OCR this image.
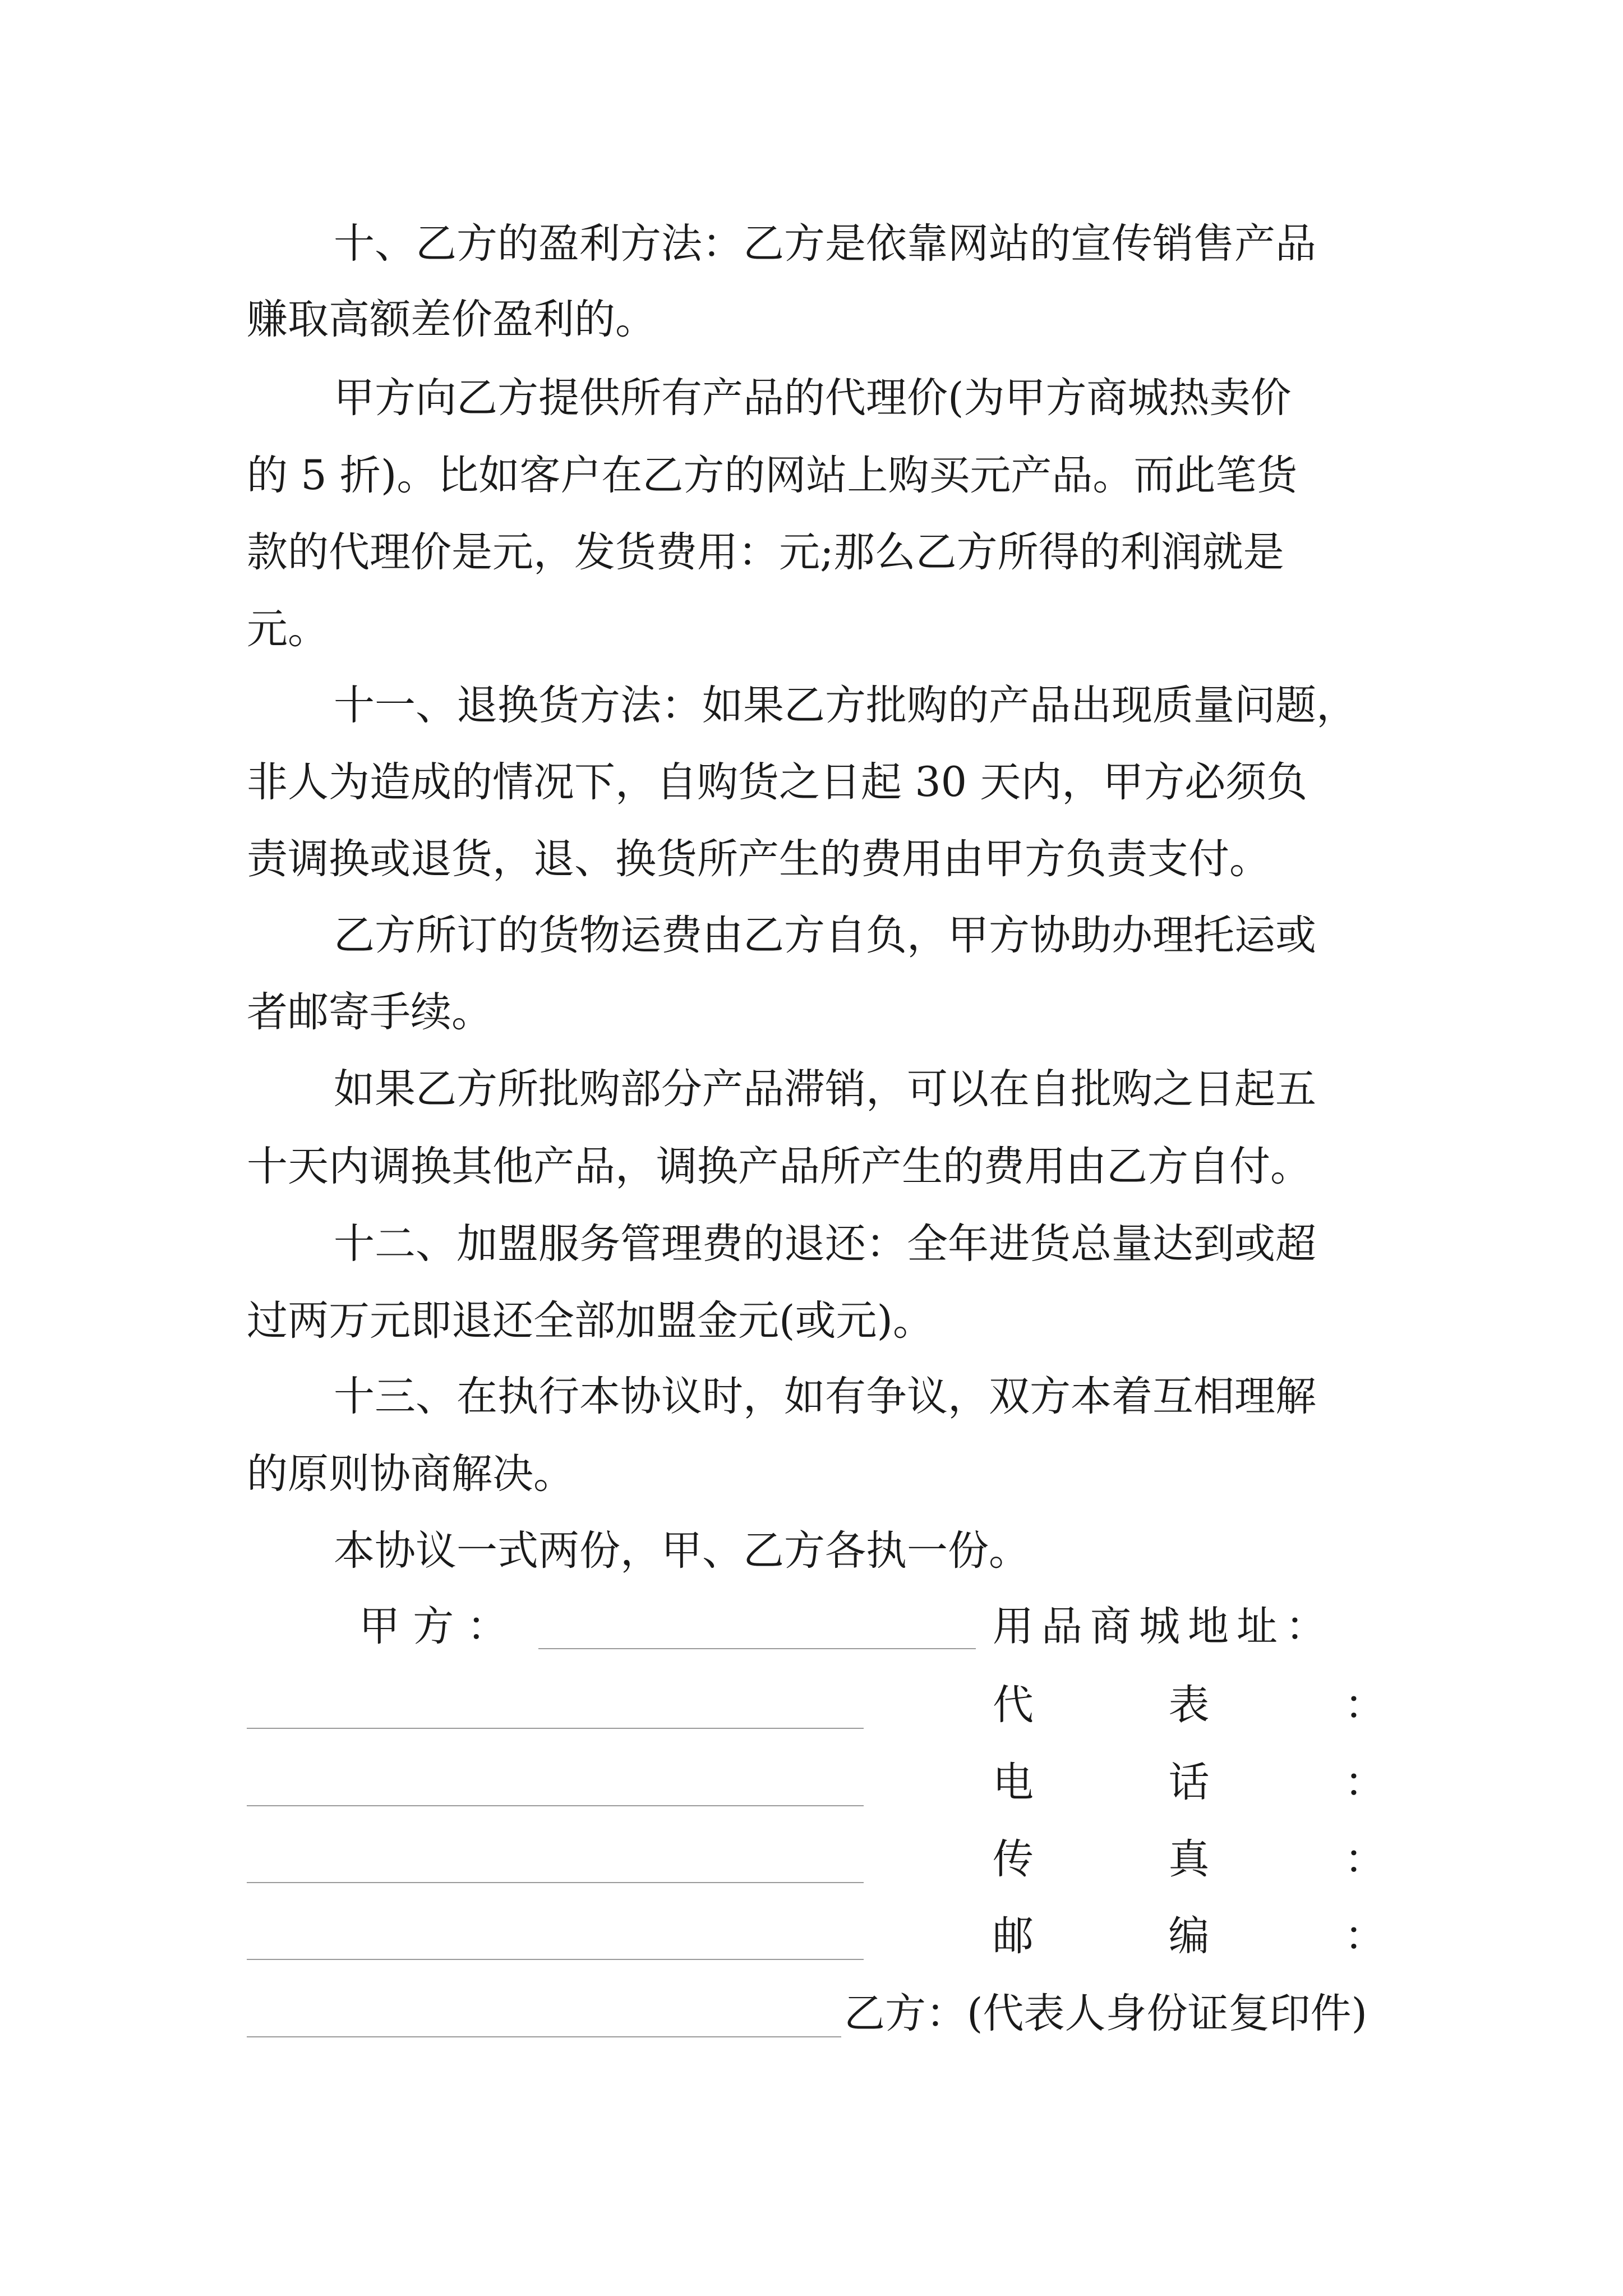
十、乙方的盈利方法：乙方是依靠网站的宣传销售产品
赚取高额差价盈利的。
甲方向乙方提供所有产品的代理价(为甲方商城热卖价
的 5 折)。比如客户在乙方的网站上购买元产品。而此笔货
款的代理价是元，发货费用：元;那么乙方所得的利润就是
元。
十一、退换货方法：如果乙方批购的产品出现质量问题，
非人为造成的情况下，自购货之日起 30 天内，甲方必须负
责调换或退货，退、换货所产生的费用由甲方负责支付。
乙方所订的货物运费由乙方自负，甲方协助办理托运或
者邮寄手续。
如果乙方所批购部分产品滞销，可以在自批购之日起五
十天内调换其他产品，调换产品所产生的费用由乙方自付。
十二、加盟服务管理费的退还：全年进货总量达到或超
过两万元即退还全部加盟金元(或元)。
十三、在执行本协议时，如有争议，双方本着互相理解
的原则协商解决。
本协议一式两份，甲、乙方各执一份。
甲 方 ：	用品商城地址：
代	表	：
电	话	：
传	真	：
邮	编	：
乙方：(代表人身份证复印件)
